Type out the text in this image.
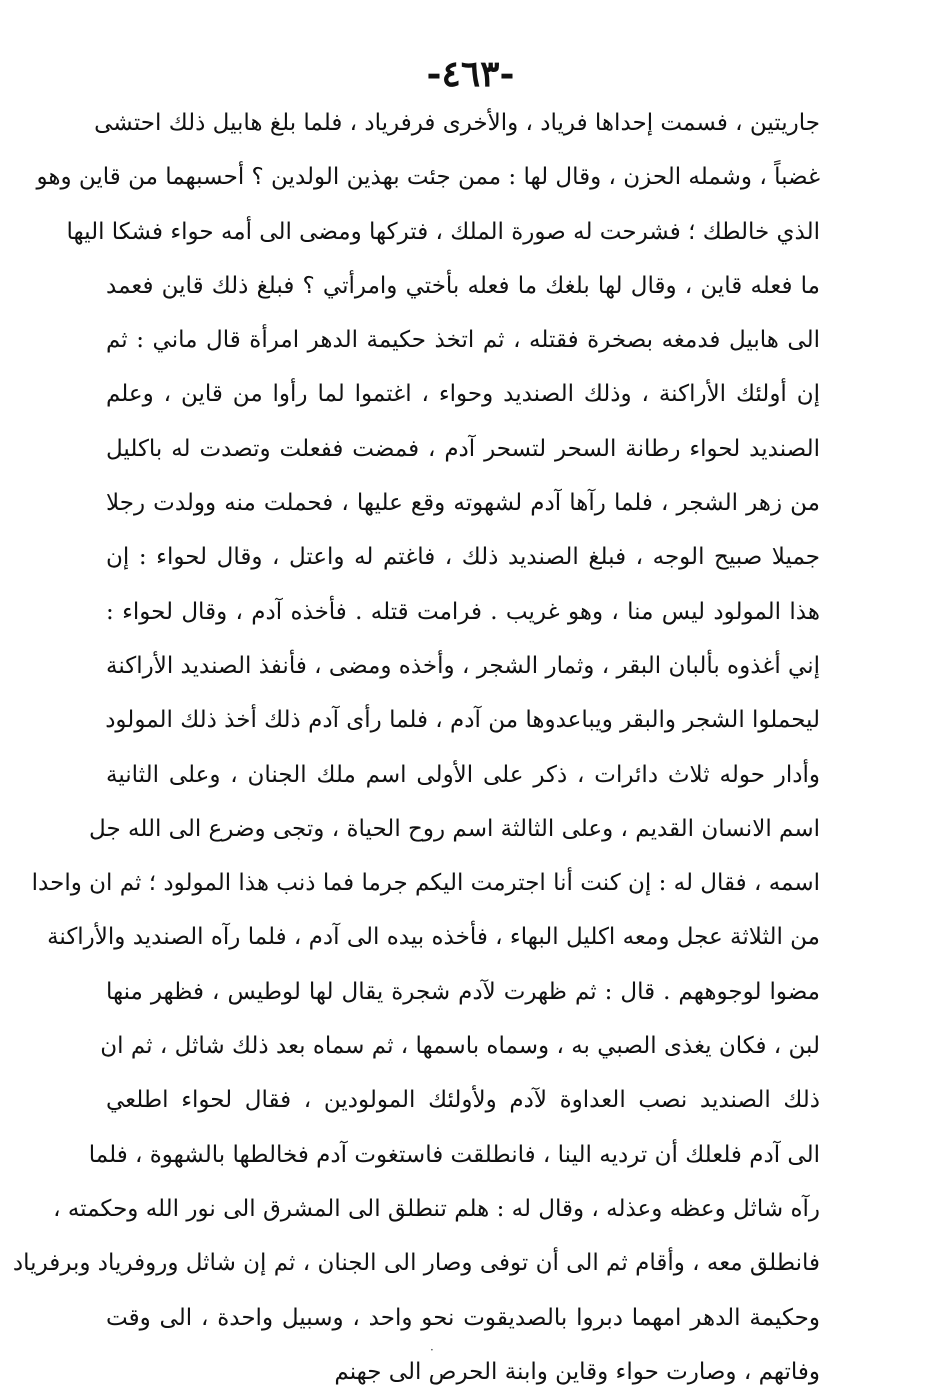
-٤٦٣-
جاريتين ، فسمت إحداها فرياد ، والأخرى فرفرياد ، فلما بلغ هابيل ذلك احتشى
غضباً ، وشمله الحزن ، وقال لها : ممن جئت بهذين الولدين ؟ أحسبهما من قاين وهو
الذي خالطك ؛ فشرحت له صورة الملك ، فتركها ومضى الى أمه حواء فشكا اليها
ما فعله قاين ، وقال لها بلغك ما فعله بأختي وامرأتي ؟ فبلغ ذلك قاين فعمد
الى هابيل فدمغه بصخرة فقتله ، ثم اتخذ حكيمة الدهر امرأة قال ماني : ثم
إن أولئك الأراكنة ، وذلك الصنديد وحواء ، اغتموا لما رأوا من قاين ، وعلم
الصنديد لحواء رطانة السحر لتسحر آدم ، فمضت ففعلت وتصدت له باكليل
من زهر الشجر ، فلما رآها آدم لشهوته وقع عليها ، فحملت منه وولدت رجلا
جميلا صبيح الوجه ، فبلغ الصنديد ذلك ، فاغتم له واعتل ، وقال لحواء : إن
هذا المولود ليس منا ، وهو غريب . فرامت قتله . فأخذه آدم ، وقال لحواء :
إني أغذوه بألبان البقر ، وثمار الشجر ، وأخذه ومضى ، فأنفذ الصنديد الأراكنة
ليحملوا الشجر والبقر ويباعدوها من آدم ، فلما رأى آدم ذلك أخذ ذلك المولود
وأدار حوله ثلاث دائرات ، ذكر على الأولى اسم ملك الجنان ، وعلى الثانية
اسم الانسان القديم ، وعلى الثالثة اسم روح الحياة ، وتجى وضرع الى الله جل
اسمه ، فقال له : إن كنت أنا اجترمت اليكم جرما فما ذنب هذا المولود ؛ ثم ان واحدا
من الثلاثة عجل ومعه اكليل البهاء ، فأخذه بيده الى آدم ، فلما رآه الصنديد والأراكنة
مضوا لوجوههم . قال : ثم ظهرت لآدم شجرة يقال لها لوطيس ، فظهر منها
لبن ، فكان يغذى الصبي به ، وسماه باسمها ، ثم سماه بعد ذلك شاثل ، ثم ان
ذلك الصنديد نصب العداوة لآدم ولأولئك المولودين ، فقال لحواء اطلعي
الى آدم فلعلك أن ترديه الينا ، فانطلقت فاستغوت آدم فخالطها بالشهوة ، فلما
رآه شاثل وعظه وعذله ، وقال له : هلم تنطلق الى المشرق الى نور الله وحكمته ،
فانطلق معه ، وأقام ثم الى أن توفى وصار الى الجنان ، ثم إن شاثل وروفرياد وبرفرياد
وحكيمة الدهر امهما دبروا بالصديقوت نحو واحد ، وسبيل واحدة ، الى وقت
وفاتهم ، وصارت حواء وقاين وابنة الحرص الى جهنم
·
